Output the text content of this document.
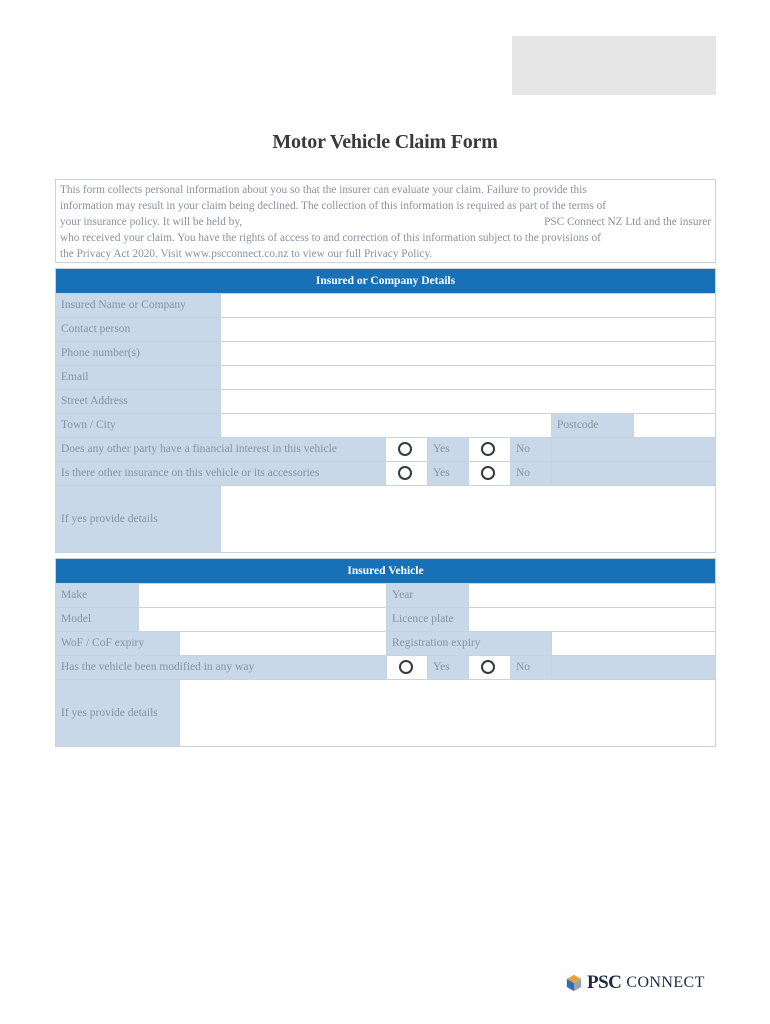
Motor Vehicle Claim Form
This form collects personal information about you so that the insurer can evaluate your claim. Failure to provide this
information may result in your claim being declined. The collection of this information is required as part of the terms of
your insurance policy. It will be held by,	PSC Connect NZ Ltd and the insurer
who received your claim. You have the rights of access to and correction of this information subject to the provisions of
the Privacy Act 2020. Visit www.pscconnect.co.nz to view our full Privacy Policy.
Insured or Company Details
Insured Name or Company
Contact person
Phone number(s)
Email
Street Address
Town / City	Postcode
Does any other party have a financial interest in this vehicle	Yes	No
Is there other insurance on this vehicle or its accessories	Yes	No
If yes provide details
Insured Vehicle
Make	Year
Model	Licence plate
WoF / CoF expiry	Registration expiry
Has the vehicle been modified in any way	Yes	No
If yes provide details
PSC CONNECT
